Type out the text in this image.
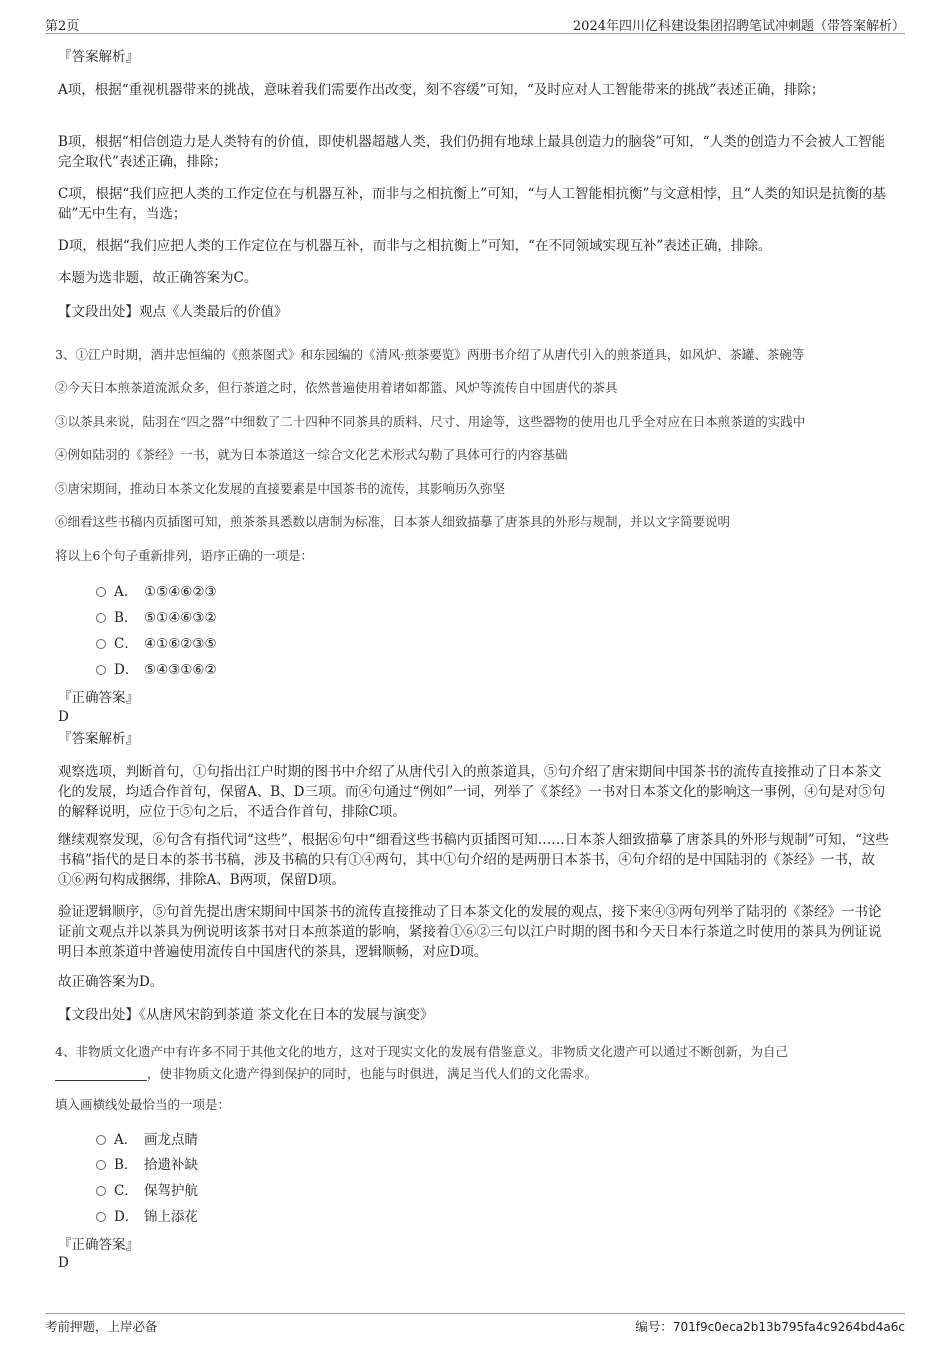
第2页	2024年四川亿科建设集团招聘笔试冲刺题（带答案解析）
『答案解析』
A项，根据“重视机器带来的挑战，意味着我们需要作出改变，刻不容缓”可知，“及时应对人工智能带来的挑战”表述正确，排除；
B项，根据“相信创造力是人类特有的价值，即使机器超越人类，我们仍拥有地球上最具创造力的脑袋”可知，“人类的创造力不会被人工智能完全取代”表述正确，排除；
C项，根据“我们应把人类的工作定位在与机器互补，而非与之相抗衡上”可知，“与人工智能相抗衡”与文意相悖，且“人类的知识是抗衡的基础”无中生有，当选；
D项，根据“我们应把人类的工作定位在与机器互补，而非与之相抗衡上”可知，“在不同领域实现互补”表述正确，排除。
本题为选非题，故正确答案为C。
【文段出处】观点《人类最后的价值》
3、①江户时期，酒井忠恒编的《煎茶图式》和东园编的《清风·煎茶要览》两册书介绍了从唐代引入的煎茶道具，如风炉、茶罐、茶碗等
②今天日本煎茶道流派众多，但行茶道之时，依然普遍使用着诸如都篮、风炉等流传自中国唐代的茶具
③以茶具来说，陆羽在“四之器”中细数了二十四种不同茶具的质料、尺寸、用途等，这些器物的使用也几乎全对应在日本煎茶道的实践中
④例如陆羽的《茶经》一书，就为日本茶道这一综合文化艺术形式勾勒了具体可行的内容基础
⑤唐宋期间，推动日本茶文化发展的直接要素是中国茶书的流传，其影响历久弥坚
⑥细看这些书稿内页插图可知，煎茶茶具悉数以唐制为标准，日本茶人细致描摹了唐茶具的外形与规制，并以文字简要说明
将以上6个句子重新排列，语序正确的一项是：
A． ①⑤④⑥②③
B． ⑤①④⑥③②
C． ④①⑥②③⑤
D． ⑤④③①⑥②
『正确答案』
D
『答案解析』
观察选项，判断首句，①句指出江户时期的图书中介绍了从唐代引入的煎茶道具，⑤句介绍了唐宋期间中国茶书的流传直接推动了日本茶文化的发展，均适合作首句，保留A、B、D三项。而④句通过“例如”一词，列举了《茶经》一书对日本茶文化的影响这一事例，④句是对⑤句的解释说明，应位于⑤句之后，不适合作首句，排除C项。
继续观察发现，⑥句含有指代词“这些”，根据⑥句中“细看这些书稿内页插图可知……日本茶人细致描摹了唐茶具的外形与规制”可知，“这些书稿”指代的是日本的茶书书稿，涉及书稿的只有①④两句，其中①句介绍的是两册日本茶书，④句介绍的是中国陆羽的《茶经》一书，故①⑥两句构成捆绑，排除A、B两项，保留D项。
验证逻辑顺序，⑤句首先提出唐宋期间中国茶书的流传直接推动了日本茶文化的发展的观点，接下来④③两句列举了陆羽的《茶经》一书论证前文观点并以茶具为例说明该茶书对日本煎茶道的影响，紧接着①⑥②三句以江户时期的图书和今天日本行茶道之时使用的茶具为例证说明日本煎茶道中普遍使用流传自中国唐代的茶具，逻辑顺畅，对应D项。
故正确答案为D。
【文段出处】《从唐风宋韵到茶道 茶文化在日本的发展与演变》
4、非物质文化遗产中有许多不同于其他文化的地方，这对于现实文化的发展有借鉴意义。非物质文化遗产可以通过不断创新，为自己
，使非物质文化遗产得到保护的同时，也能与时俱进，满足当代人们的文化需求。
填入画横线处最恰当的一项是：
A． 画龙点睛
B． 拾遗补缺
C． 保驾护航
D． 锦上添花
『正确答案』
D
考前押题，上岸必备	编号：701f9c0eca2b13b795fa4c9264bd4a6c
